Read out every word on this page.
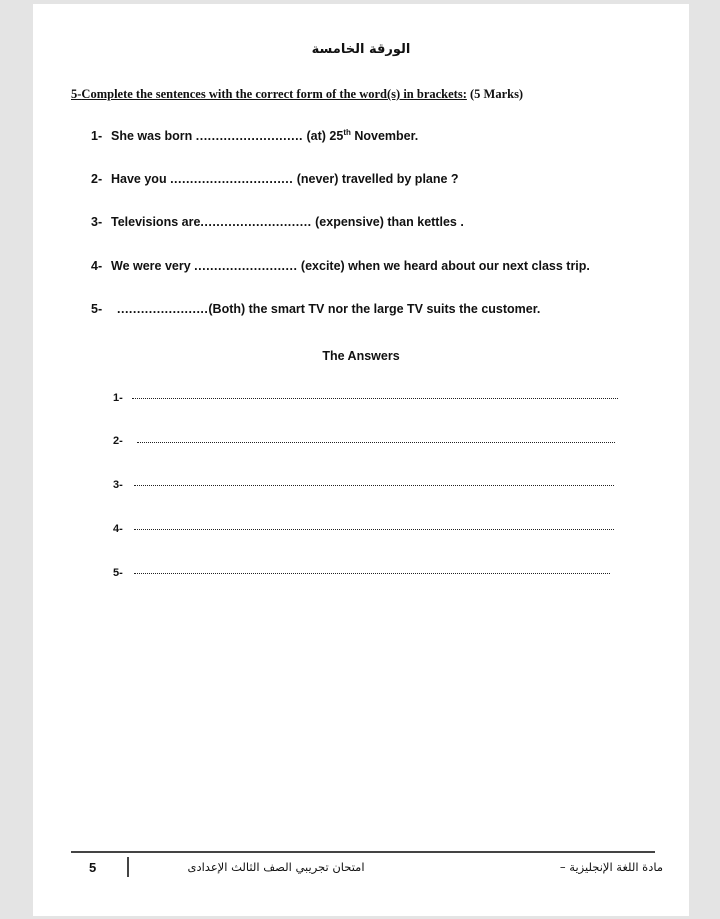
الورقة الخامسة
5-Complete the sentences with the correct form of the word(s) in brackets: (5 Marks)
1- She was born ........................... (at) 25th November.
2- Have you ............................... (never) travelled by plane ?
3- Televisions are............................ (expensive) than kettles .
4- We were very .......................... (excite) when we heard about our next class trip.
5- .......................(Both) the smart TV nor the large TV suits the customer.
The Answers
1-
2-
3-
4-
5-
5	امتحان تجريبي الصف الثالث الإعدادى	مادة اللغة الإنجليزية –
